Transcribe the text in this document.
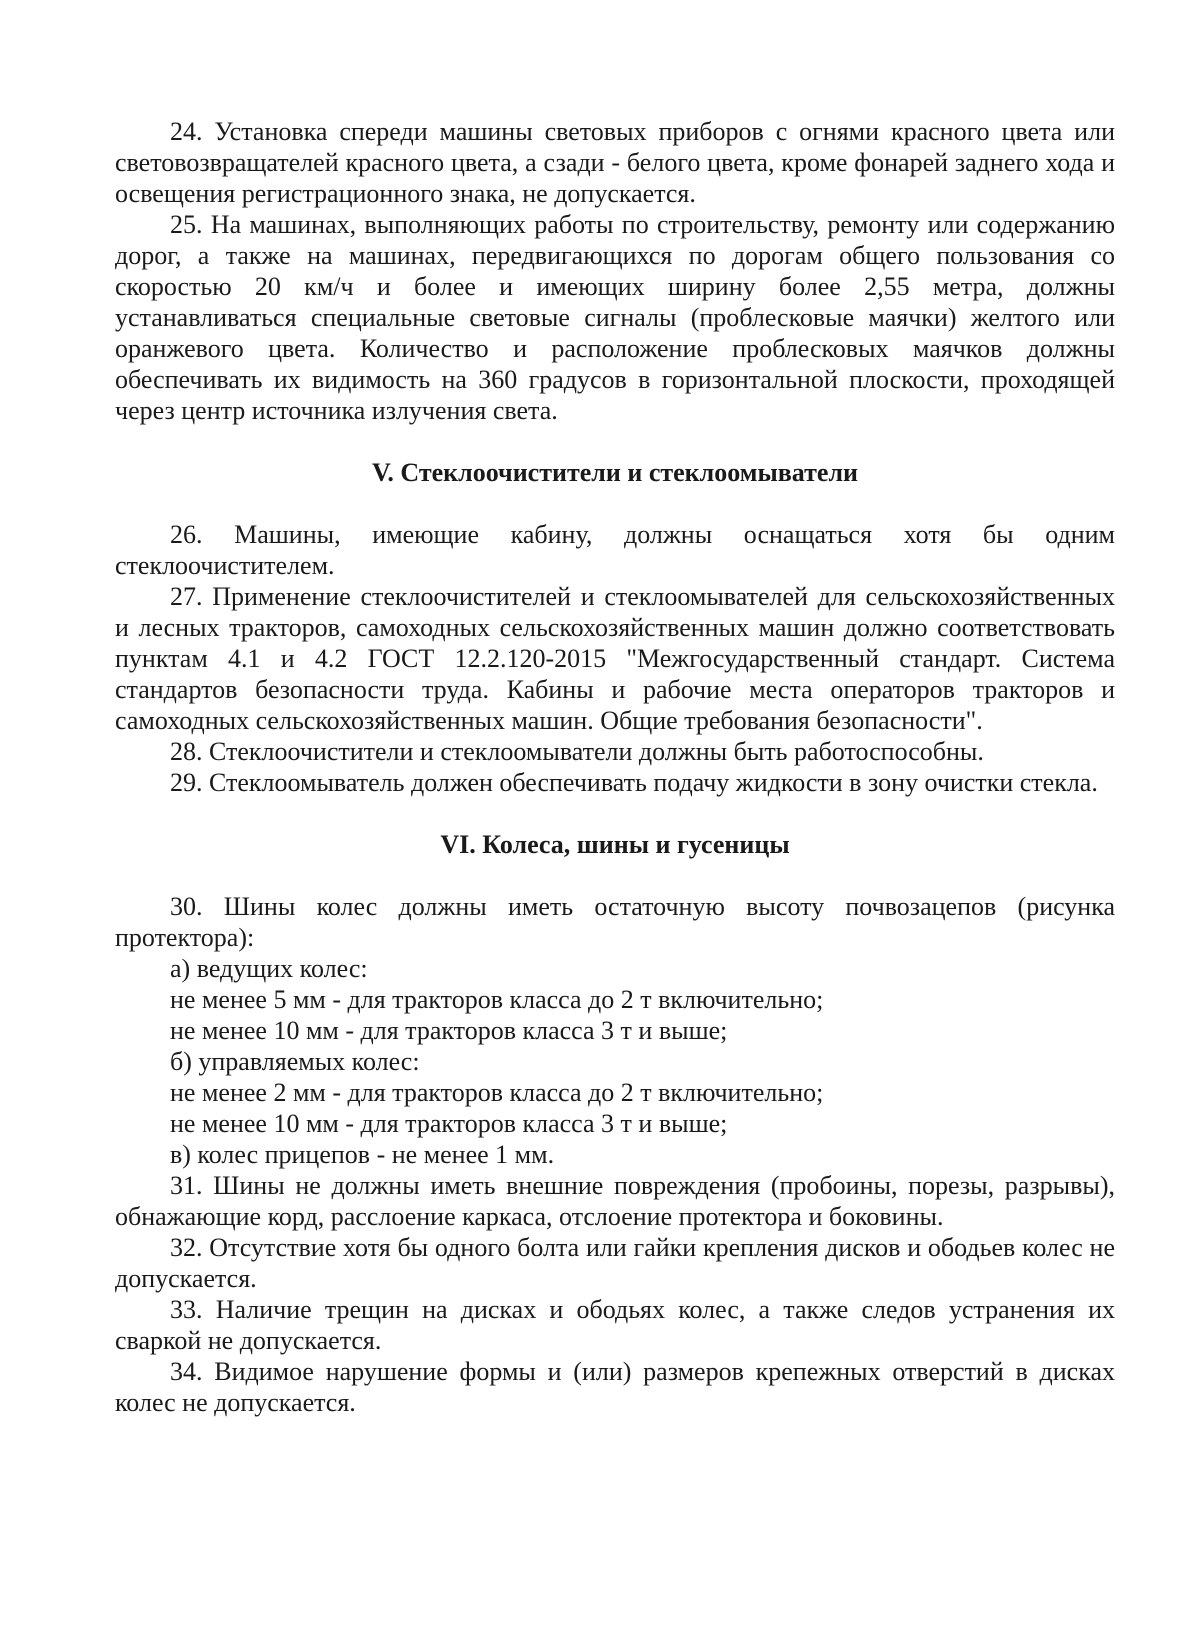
24. Установка спереди машины световых приборов с огнями красного цвета или световозвращателей красного цвета, а сзади - белого цвета, кроме фонарей заднего хода и освещения регистрационного знака, не допускается.

25. На машинах, выполняющих работы по строительству, ремонту или содержанию дорог, а также на машинах, передвигающихся по дорогам общего пользования со скоростью 20 км/ч и более и имеющих ширину более 2,55 метра, должны устанавливаться специальные световые сигналы (проблесковые маячки) желтого или оранжевого цвета. Количество и расположение проблесковых маячков должны обеспечивать их видимость на 360 градусов в горизонтальной плоскости, проходящей через центр источника излучения света.

V. Стеклоочистители и стеклоомыватели

26. Машины, имеющие кабину, должны оснащаться хотя бы одним стеклоочистителем.

27. Применение стеклоочистителей и стеклоомывателей для сельскохозяйственных и лесных тракторов, самоходных сельскохозяйственных машин должно соответствовать пунктам 4.1 и 4.2 ГОСТ 12.2.120-2015 "Межгосударственный стандарт. Система стандартов безопасности труда. Кабины и рабочие места операторов тракторов и самоходных сельскохозяйственных машин. Общие требования безопасности".

28. Стеклоочистители и стеклоомыватели должны быть работоспособны.

29. Стеклоомыватель должен обеспечивать подачу жидкости в зону очистки стекла.

VI. Колеса, шины и гусеницы

30. Шины колес должны иметь остаточную высоту почвозацепов (рисунка протектора):

а) ведущих колес:

не менее 5 мм - для тракторов класса до 2 т включительно;

не менее 10 мм - для тракторов класса 3 т и выше;

б) управляемых колес:

не менее 2 мм - для тракторов класса до 2 т включительно;

не менее 10 мм - для тракторов класса 3 т и выше;

в) колес прицепов - не менее 1 мм.

31. Шины не должны иметь внешние повреждения (пробоины, порезы, разрывы), обнажающие корд, расслоение каркаса, отслоение протектора и боковины.

32. Отсутствие хотя бы одного болта или гайки крепления дисков и ободьев колес не допускается.

33. Наличие трещин на дисках и ободьях колес, а также следов устранения их сваркой не допускается.

34. Видимое нарушение формы и (или) размеров крепежных отверстий в дисках колес не допускается.
